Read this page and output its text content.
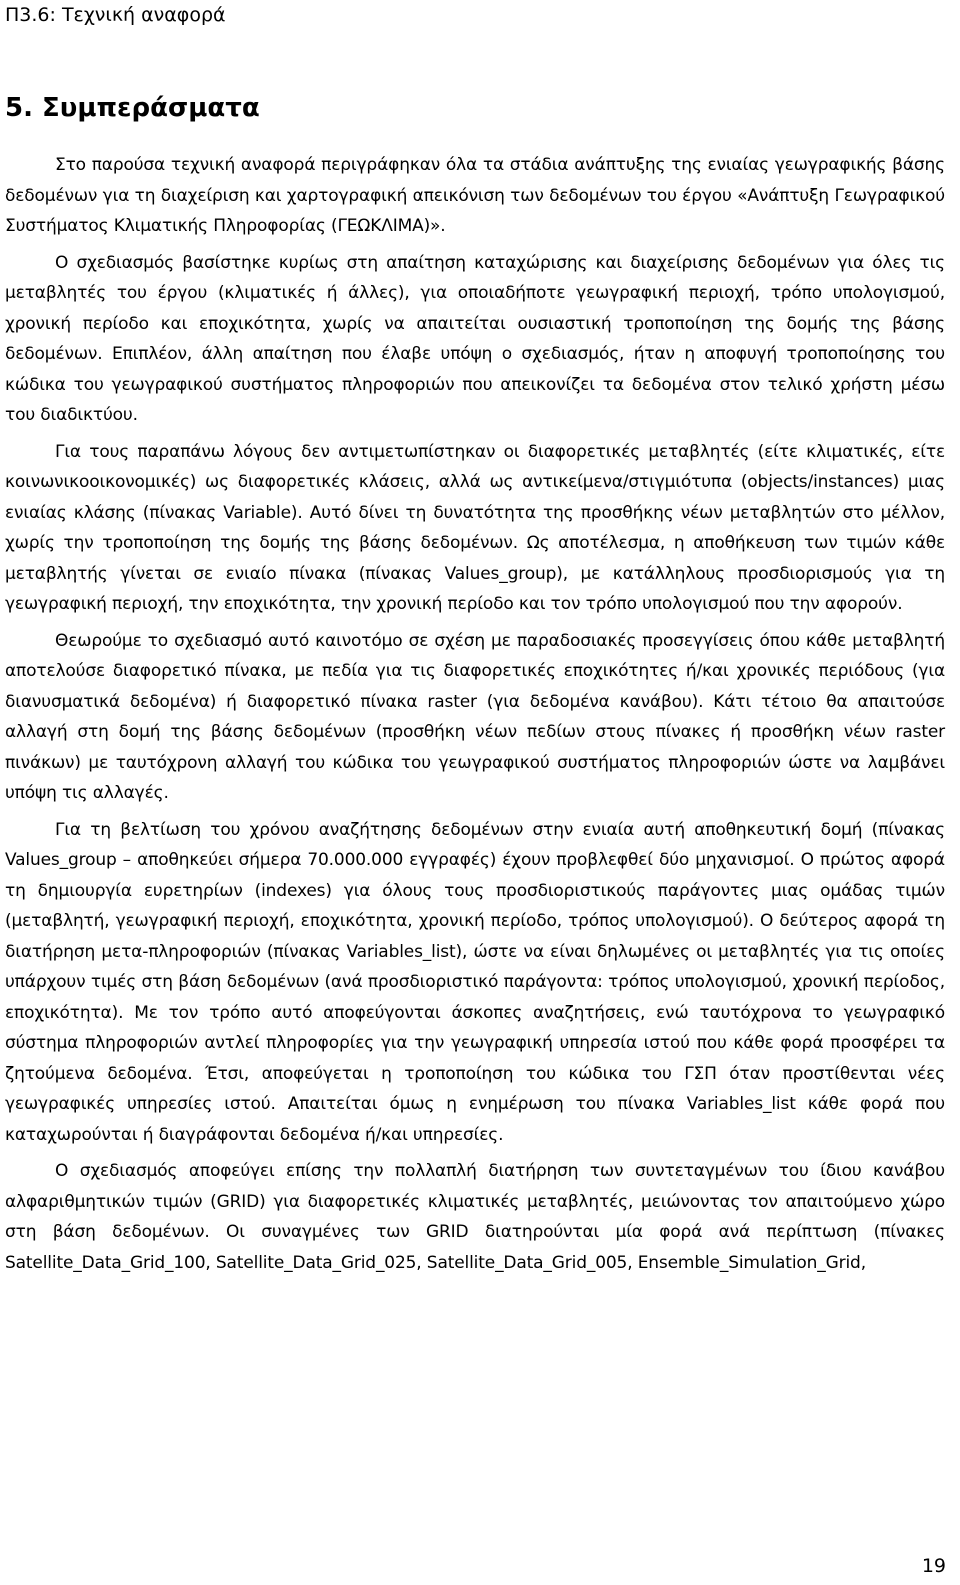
Π3.6: Τεχνική αναφορά
5. Συμπεράσματα

Στο παρούσα τεχνική αναφορά περιγράφηκαν όλα τα στάδια ανάπτυξης της ενιαίας γεωγραφικής βάσης δεδομένων για τη διαχείριση και χαρτογραφική απεικόνιση των δεδομένων του έργου «Ανάπτυξη Γεωγραφικού Συστήματος Κλιματικής Πληροφορίας (ΓΕΩΚΛΙΜΑ)».

Ο σχεδιασμός βασίστηκε κυρίως στη απαίτηση καταχώρισης και διαχείρισης δεδομένων για όλες τις μεταβλητές του έργου (κλιματικές ή άλλες), για οποιαδήποτε γεωγραφική περιοχή, τρόπο υπολογισμού, χρονική περίοδο και εποχικότητα, χωρίς να απαιτείται ουσιαστική τροποποίηση της δομής της βάσης δεδομένων. Επιπλέον, άλλη απαίτηση που έλαβε υπόψη ο σχεδιασμός, ήταν η αποφυγή τροποποίησης του κώδικα του γεωγραφικού συστήματος πληροφοριών που απεικονίζει τα δεδομένα στον τελικό χρήστη μέσω του διαδικτύου.

Για τους παραπάνω λόγους δεν αντιμετωπίστηκαν οι διαφορετικές μεταβλητές (είτε κλιματικές, είτε κοινωνικοοικονομικές) ως διαφορετικές κλάσεις, αλλά ως αντικείμενα/στιγμιότυπα (objects/instances) μιας ενιαίας κλάσης (πίνακας Variable). Αυτό δίνει τη δυνατότητα της προσθήκης νέων μεταβλητών στο μέλλον, χωρίς την τροποποίηση της δομής της βάσης δεδομένων. Ως αποτέλεσμα, η αποθήκευση των τιμών κάθε μεταβλητής γίνεται σε ενιαίο πίνακα (πίνακας Values_group), με κατάλληλους προσδιορισμούς για τη γεωγραφική περιοχή, την εποχικότητα, την χρονική περίοδο και τον τρόπο υπολογισμού που την αφορούν.

Θεωρούμε το σχεδιασμό αυτό καινοτόμο σε σχέση με παραδοσιακές προσεγγίσεις όπου κάθε μεταβλητή αποτελούσε διαφορετικό πίνακα, με πεδία για τις διαφορετικές εποχικότητες ή/και χρονικές περιόδους (για διανυσματικά δεδομένα) ή διαφορετικό πίνακα raster (για δεδομένα κανάβου). Κάτι τέτοιο θα απαιτούσε αλλαγή στη δομή της βάσης δεδομένων (προσθήκη νέων πεδίων στους πίνακες ή προσθήκη νέων raster πινάκων) με ταυτόχρονη αλλαγή του κώδικα του γεωγραφικού συστήματος πληροφοριών ώστε να λαμβάνει υπόψη τις αλλαγές.

Για τη βελτίωση του χρόνου αναζήτησης δεδομένων στην ενιαία αυτή αποθηκευτική δομή (πίνακας Values_group – αποθηκεύει σήμερα 70.000.000 εγγραφές) έχουν προβλεφθεί δύο μηχανισμοί. Ο πρώτος αφορά τη δημιουργία ευρετηρίων (indexes) για όλους τους προσδιοριστικούς παράγοντες μιας ομάδας τιμών (μεταβλητή, γεωγραφική περιοχή, εποχικότητα, χρονική περίοδο, τρόπος υπολογισμού). Ο δεύτερος αφορά τη διατήρηση μετα-πληροφοριών (πίνακας Variables_list), ώστε να είναι δηλωμένες οι μεταβλητές για τις οποίες υπάρχουν τιμές στη βάση δεδομένων (ανά προσδιοριστικό παράγοντα: τρόπος υπολογισμού, χρονική περίοδος, εποχικότητα). Με τον τρόπο αυτό αποφεύγονται άσκοπες αναζητήσεις, ενώ ταυτόχρονα το γεωγραφικό σύστημα πληροφοριών αντλεί πληροφορίες για την γεωγραφική υπηρεσία ιστού που κάθε φορά προσφέρει τα ζητούμενα δεδομένα. Έτσι, αποφεύγεται η τροποποίηση του κώδικα του ΓΣΠ όταν προστίθενται νέες γεωγραφικές υπηρεσίες ιστού. Απαιτείται όμως η ενημέρωση του πίνακα Variables_list κάθε φορά που καταχωρούνται ή διαγράφονται δεδομένα ή/και υπηρεσίες.

Ο σχεδιασμός αποφεύγει επίσης την πολλαπλή διατήρηση των συντεταγμένων του ίδιου κανάβου αλφαριθμητικών τιμών (GRID) για διαφορετικές κλιματικές μεταβλητές, μειώνοντας τον απαιτούμενο χώρο στη βάση δεδομένων. Οι συναγμένες των GRID διατηρούνται μία φορά ανά περίπτωση (πίνακες Satellite_Data_Grid_100, Satellite_Data_Grid_025, Satellite_Data_Grid_005, Ensemble_Simulation_Grid,

19
